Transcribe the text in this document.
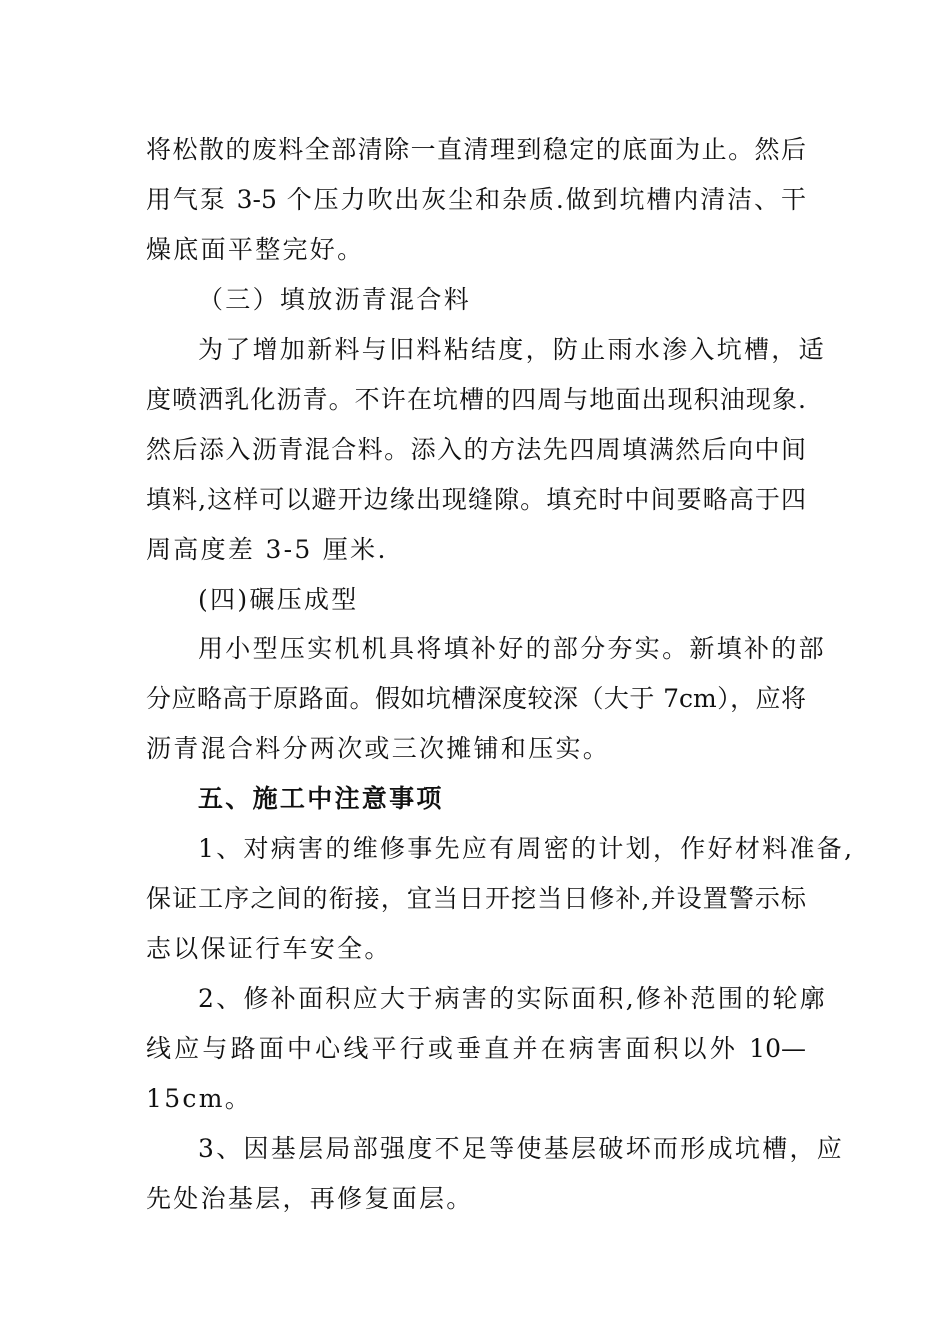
将松散的废料全部清除一直清理到稳定的底面为止。然后
用气泵 3-5 个压力吹出灰尘和杂质.做到坑槽内清洁、干
燥底面平整完好。
（三）填放沥青混合料
为了增加新料与旧料粘结度，防止雨水渗入坑槽，适
度喷洒乳化沥青。不许在坑槽的四周与地面出现积油现象.
然后添入沥青混合料。添入的方法先四周填满然后向中间
填料,这样可以避开边缘出现缝隙。填充时中间要略高于四
周高度差 3-5 厘米.
(四)碾压成型
用小型压实机机具将填补好的部分夯实。新填补的部
分应略高于原路面。假如坑槽深度较深（大于 7cm），应将
沥青混合料分两次或三次摊铺和压实。
五、施工中注意事项
1、对病害的维修事先应有周密的计划，作好材料准备,
保证工序之间的衔接，宜当日开挖当日修补,并设置警示标
志以保证行车安全。
2、修补面积应大于病害的实际面积,修补范围的轮廓
线应与路面中心线平行或垂直并在病害面积以外 10—
15cm。
3、因基层局部强度不足等使基层破坏而形成坑槽，应
先处治基层，再修复面层。
